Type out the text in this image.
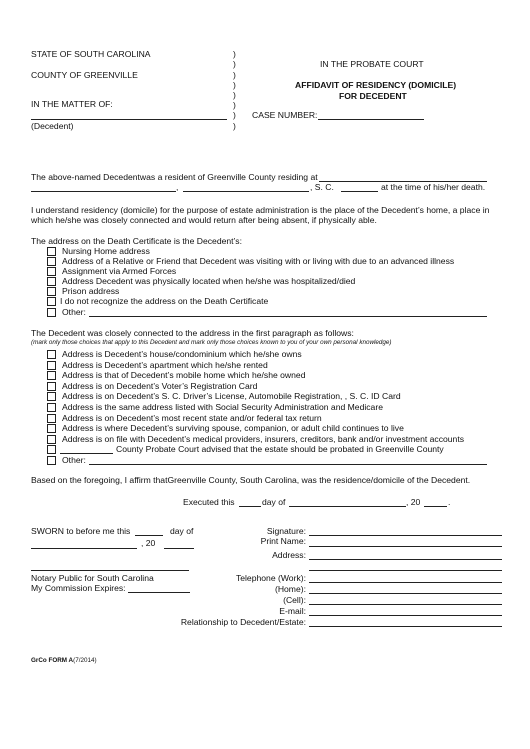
STATE OF SOUTH CAROLINA
COUNTY OF GREENVILLE
IN THE MATTER OF:
(Decedent)
)
)
)
)
)
)
)
)
IN THE PROBATE COURT
AFFIDAVIT OF RESIDENCY (DOMICILE)
FOR DECEDENT
CASE NUMBER:
The above-named Decedentwas a resident of Greenville County residing at
,	, S. C.	at the time of his/her death.
I understand residency (domicile) for the purpose of estate administration is the place of the Decedent’s home, a place in
which he/she was closely connected and would return after being absent, if physically able.
The address on the Death Certificate is the Decedent’s:
Nursing Home address
Address of a Relative or Friend that Decedent was visiting with or living with due to an advanced illness
Assignment via Armed Forces
Address Decedent was physically located when he/she was hospitalized/died
Prison address
I do not recognize the address on the Death Certificate
Other:
The Decedent was closely connected to the address in the first paragraph as follows:
(mark only those choices that apply to this Decedent and mark only those choices known to you of your own personal knowledge)
Address is Decedent’s house/condominium which he/she owns
Address is Decedent’s apartment which he/she rented
Address is that of Decedent’s mobile home which he/she owned
Address is on Decedent’s Voter’s Registration Card
Address is on Decedent’s S. C. Driver’s License, Automobile Registration, , S. C. ID Card
Address is the same address listed with Social Security Administration and Medicare
Address is on Decedent’s most recent state and/or federal tax return
Address is where Decedent’s surviving spouse, companion, or adult child continues to live
Address is on file with Decedent’s medical providers, insurers, creditors, bank and/or investment accounts
County Probate Court advised that the estate should be probated in Greenville County
Other:
Based on the foregoing, I affirm thatGreenville County, South Carolina, was the residence/domicile of the Decedent.
Executed this	day of	, 20	.
SWORN to before me this	day of
, 20
Notary Public for South Carolina
My Commission Expires:
Signature:
Print Name:
Address:
Telephone (Work):
(Home):
(Cell):
E-mail:
Relationship to Decedent/Estate:
GrCo FORM A(7/2014)
